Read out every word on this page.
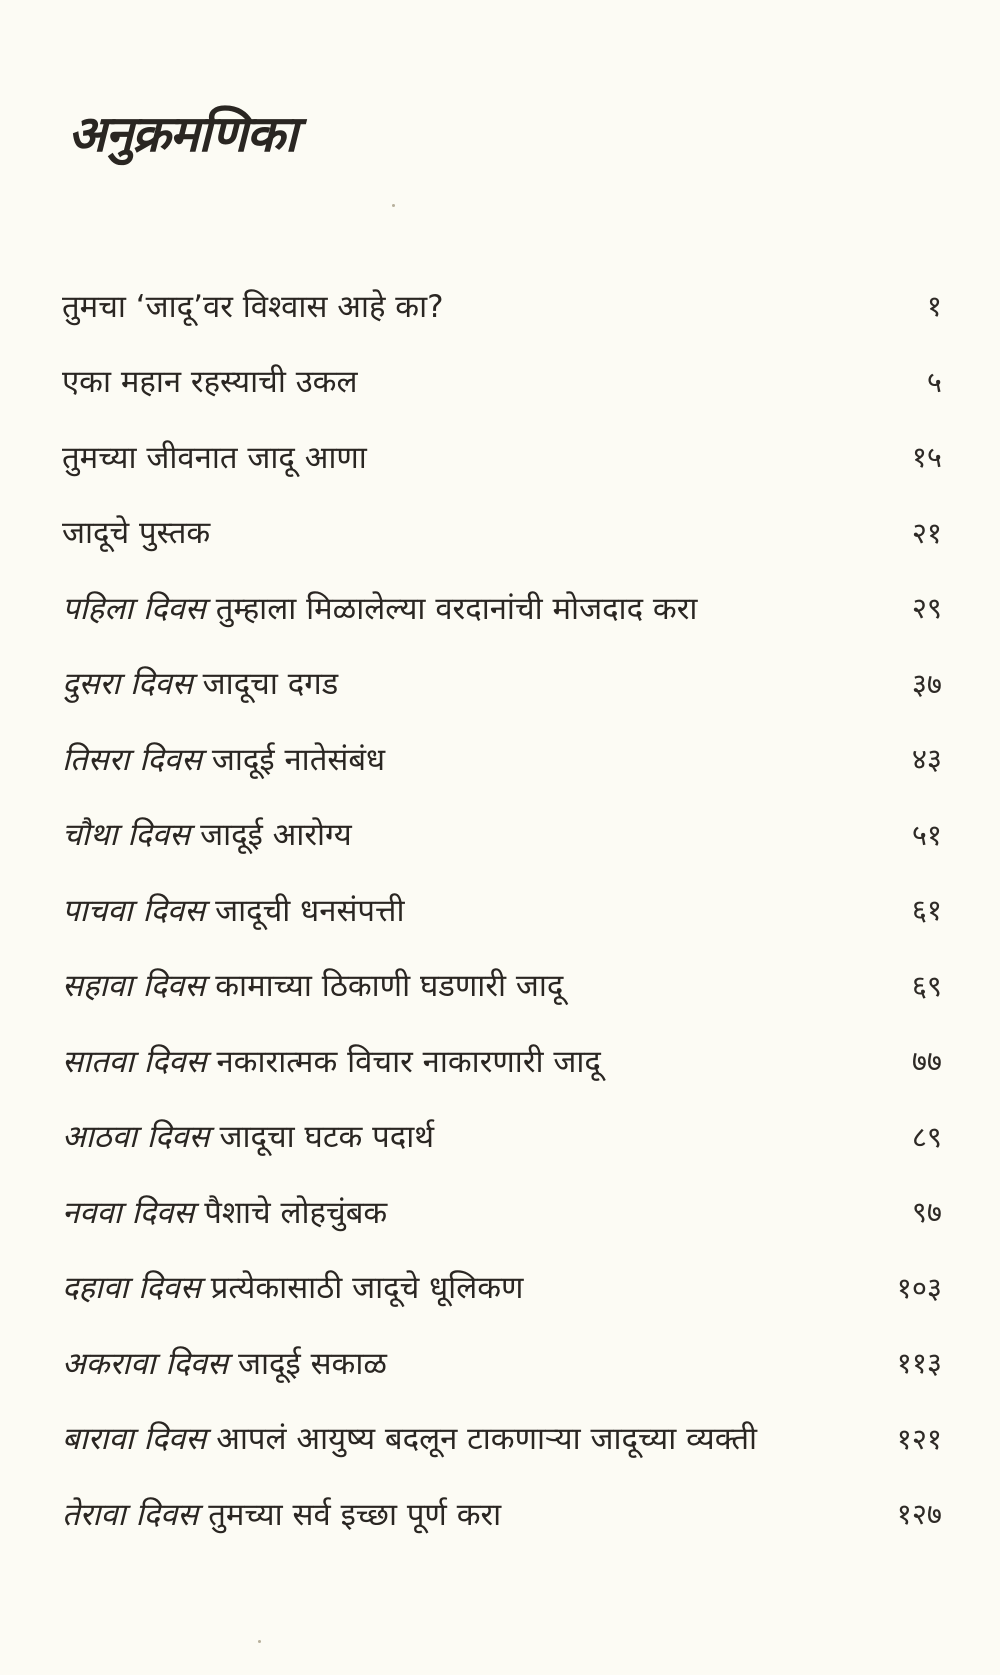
अनुक्रमणिका
तुमचा ‘जादू’वर विश्वास आहे का?	१
एका महान रहस्याची उकल	५
तुमच्या जीवनात जादू आणा	१५
जादूचे पुस्तक	२१
पहिला दिवस तुम्हाला मिळालेल्या वरदानांची मोजदाद करा	२९
दुसरा दिवस जादूचा दगड	३७
तिसरा दिवस जादूई नातेसंबंध	४३
चौथा दिवस जादूई आरोग्य	५१
पाचवा दिवस जादूची धनसंपत्ती	६१
सहावा दिवस कामाच्या ठिकाणी घडणारी जादू	६९
सातवा दिवस नकारात्मक विचार नाकारणारी जादू	७७
आठवा दिवस जादूचा घटक पदार्थ	८९
नववा दिवस पैशाचे लोहचुंबक	९७
दहावा दिवस प्रत्येकासाठी जादूचे धूलिकण	१०३
अकरावा दिवस जादूई सकाळ	११३
बारावा दिवस आपलं आयुष्य बदलून टाकणाऱ्या जादूच्या व्यक्ती	१२१
तेरावा दिवस तुमच्या सर्व इच्छा पूर्ण करा	१२७
